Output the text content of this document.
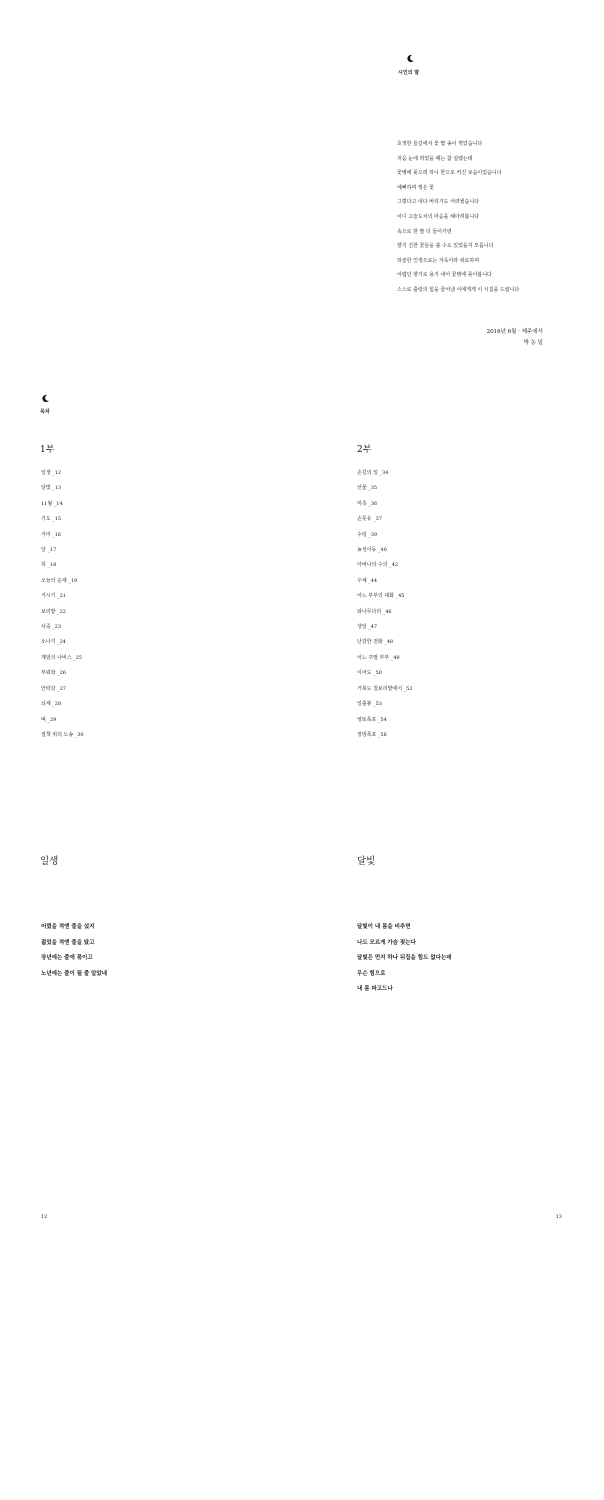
시인의 말
호젓한 들길에서 꽃 몇 송이 꺾었습니다
처음 눈에 띄었을 때는 참 설렜는데
꽃병에 꽂으려 하니 한으로 커진 보습이었습니다
예뻐하며 꺾은 꽃
그렇다고 내다 버리기도 어려웠습니다
어디 고슬도치의 마음을 헤아려봅니다
속으로 한 발 더 들어가면
향기 진한 꽃들을 볼 수도 있었을지 모릅니다
허술한 인생으로는 자욱이라 위로하며
어렵던 향기로 용기 내어 꽃병에 꽂아봅니다
스스로 출렁의 힘을 끌어낸 이에게게 이 시집을 드립니다
2016년 6월 · 제주에서
박 농 일
목차
1부
일생 _12
달빛 _13
11월 _14
기도 _15
거미 _16
달 _17
허 _18
오늘의 운세 _19
거시기 _21
보리밭 _22
사죽 _23
소나기 _24
제임의 나비스 _25
부뢰와 _26
안락감 _27
뇌세 _28
벼 _29
질책 위의 노송 _30
2부
손길의 일 _34
선물 _35
익측 _36
손롯유 _37
수렁 _39
농성이동 _40
아버나의 수의 _42
우체 _44
어느 부부의 대화 _45
와나무다리 _46
생일 _47
난감한 전화 _48
어느 주말 부부 _49
이어도 _50
거북도 철보리밭에서 _52
일출봉 _53
엉또폭포 _54
정방폭포 _56
일생
어렸을 적엔 줄을 섰지
젊었을 적엔 줄을 탔고
장년에는 줄에 묶이고
노년에는 줄이 될 줄 알았네
달빛
달빛이 내 몸을 비추면
나도 모르게 가슴 젖는다
달빛은 먼지 하나 뒤집을 힘도 없다는데
무슨 힘으로
내 몸 파고드나
12	13
